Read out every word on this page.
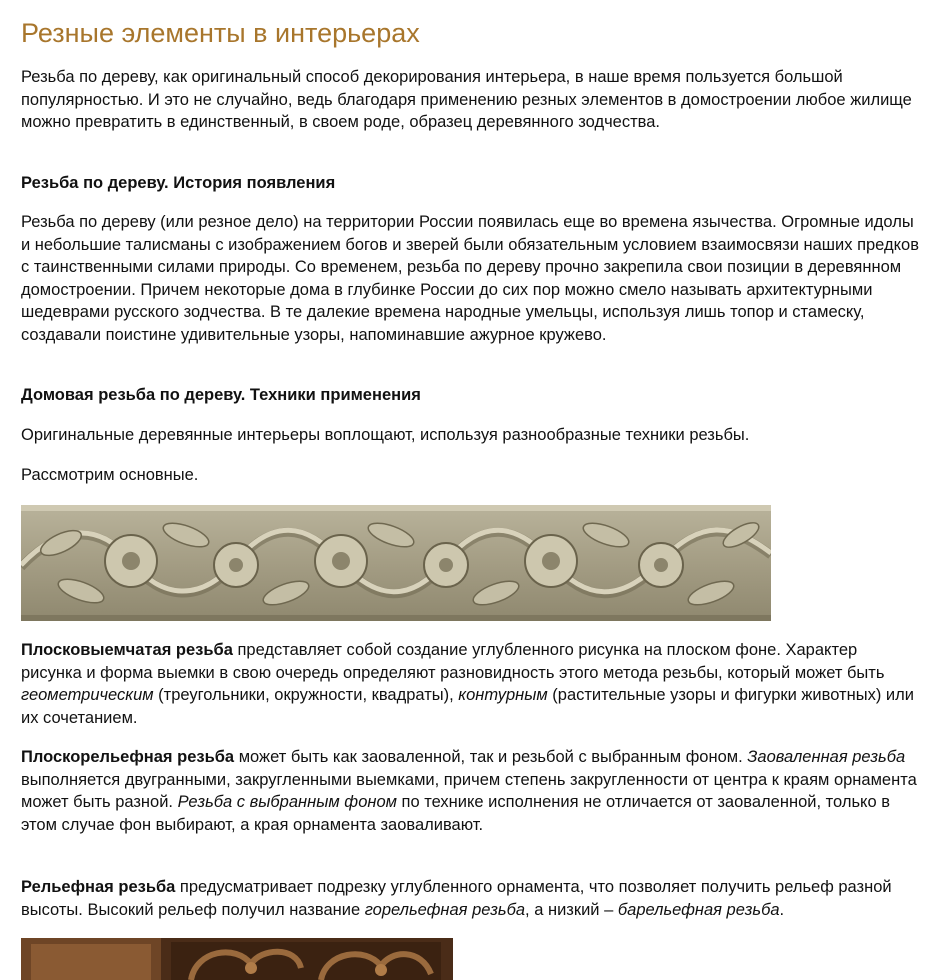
Резные элементы в интерьерах

Резьба по дереву, как оригинальный способ декорирования интерьера, в наше время пользуется большой популярностью. И это не случайно, ведь благодаря применению резных элементов в домостроении любое жилище можно превратить в единственный, в своем роде, образец деревянного зодчества.

Резьба по дереву. История появления

Резьба по дереву (или резное дело) на территории России появилась еще во времена язычества. Огромные идолы и небольшие талисманы с изображением богов и зверей были обязательным условием взаимосвязи наших предков с таинственными силами природы. Со временем, резьба по дереву прочно закрепила свои позиции в деревянном домостроении. Причем некоторые дома в глубинке России до сих пор можно смело называть архитектурными шедеврами русского зодчества. В те далекие времена народные умельцы, используя лишь топор и стамеску, создавали поистине удивительные узоры, напоминавшие ажурное кружево.

Домовая резьба по дереву. Техники применения

Оригинальные деревянные интерьеры воплощают, используя разнообразные техники резьбы.

Рассмотрим основные.

Плосковыемчатая резьба представляет собой создание углубленного рисунка на плоском фоне. Характер рисунка и форма выемки в свою очередь определяют разновидность этого метода резьбы, который может быть геометрическим (треугольники, окружности, квадраты), контурным (растительные узоры и фигурки животных) или их сочетанием.

Плоскорельефная резьба может быть как заоваленной, так и резьбой с выбранным фоном. Заоваленная резьба выполняется двугранными, закругленными выемками, причем степень закругленности от центра к краям орнамента может быть разной. Резьба с выбранным фоном по технике исполнения не отличается от заоваленной, только в этом случае фон выбирают, а края орнамента заоваливают.

Рельефная резьба предусматривает подрезку углубленного орнамента, что позволяет получить рельеф разной высоты. Высокий рельеф получил название горельефная резьба, а низкий – барельефная резьба.
